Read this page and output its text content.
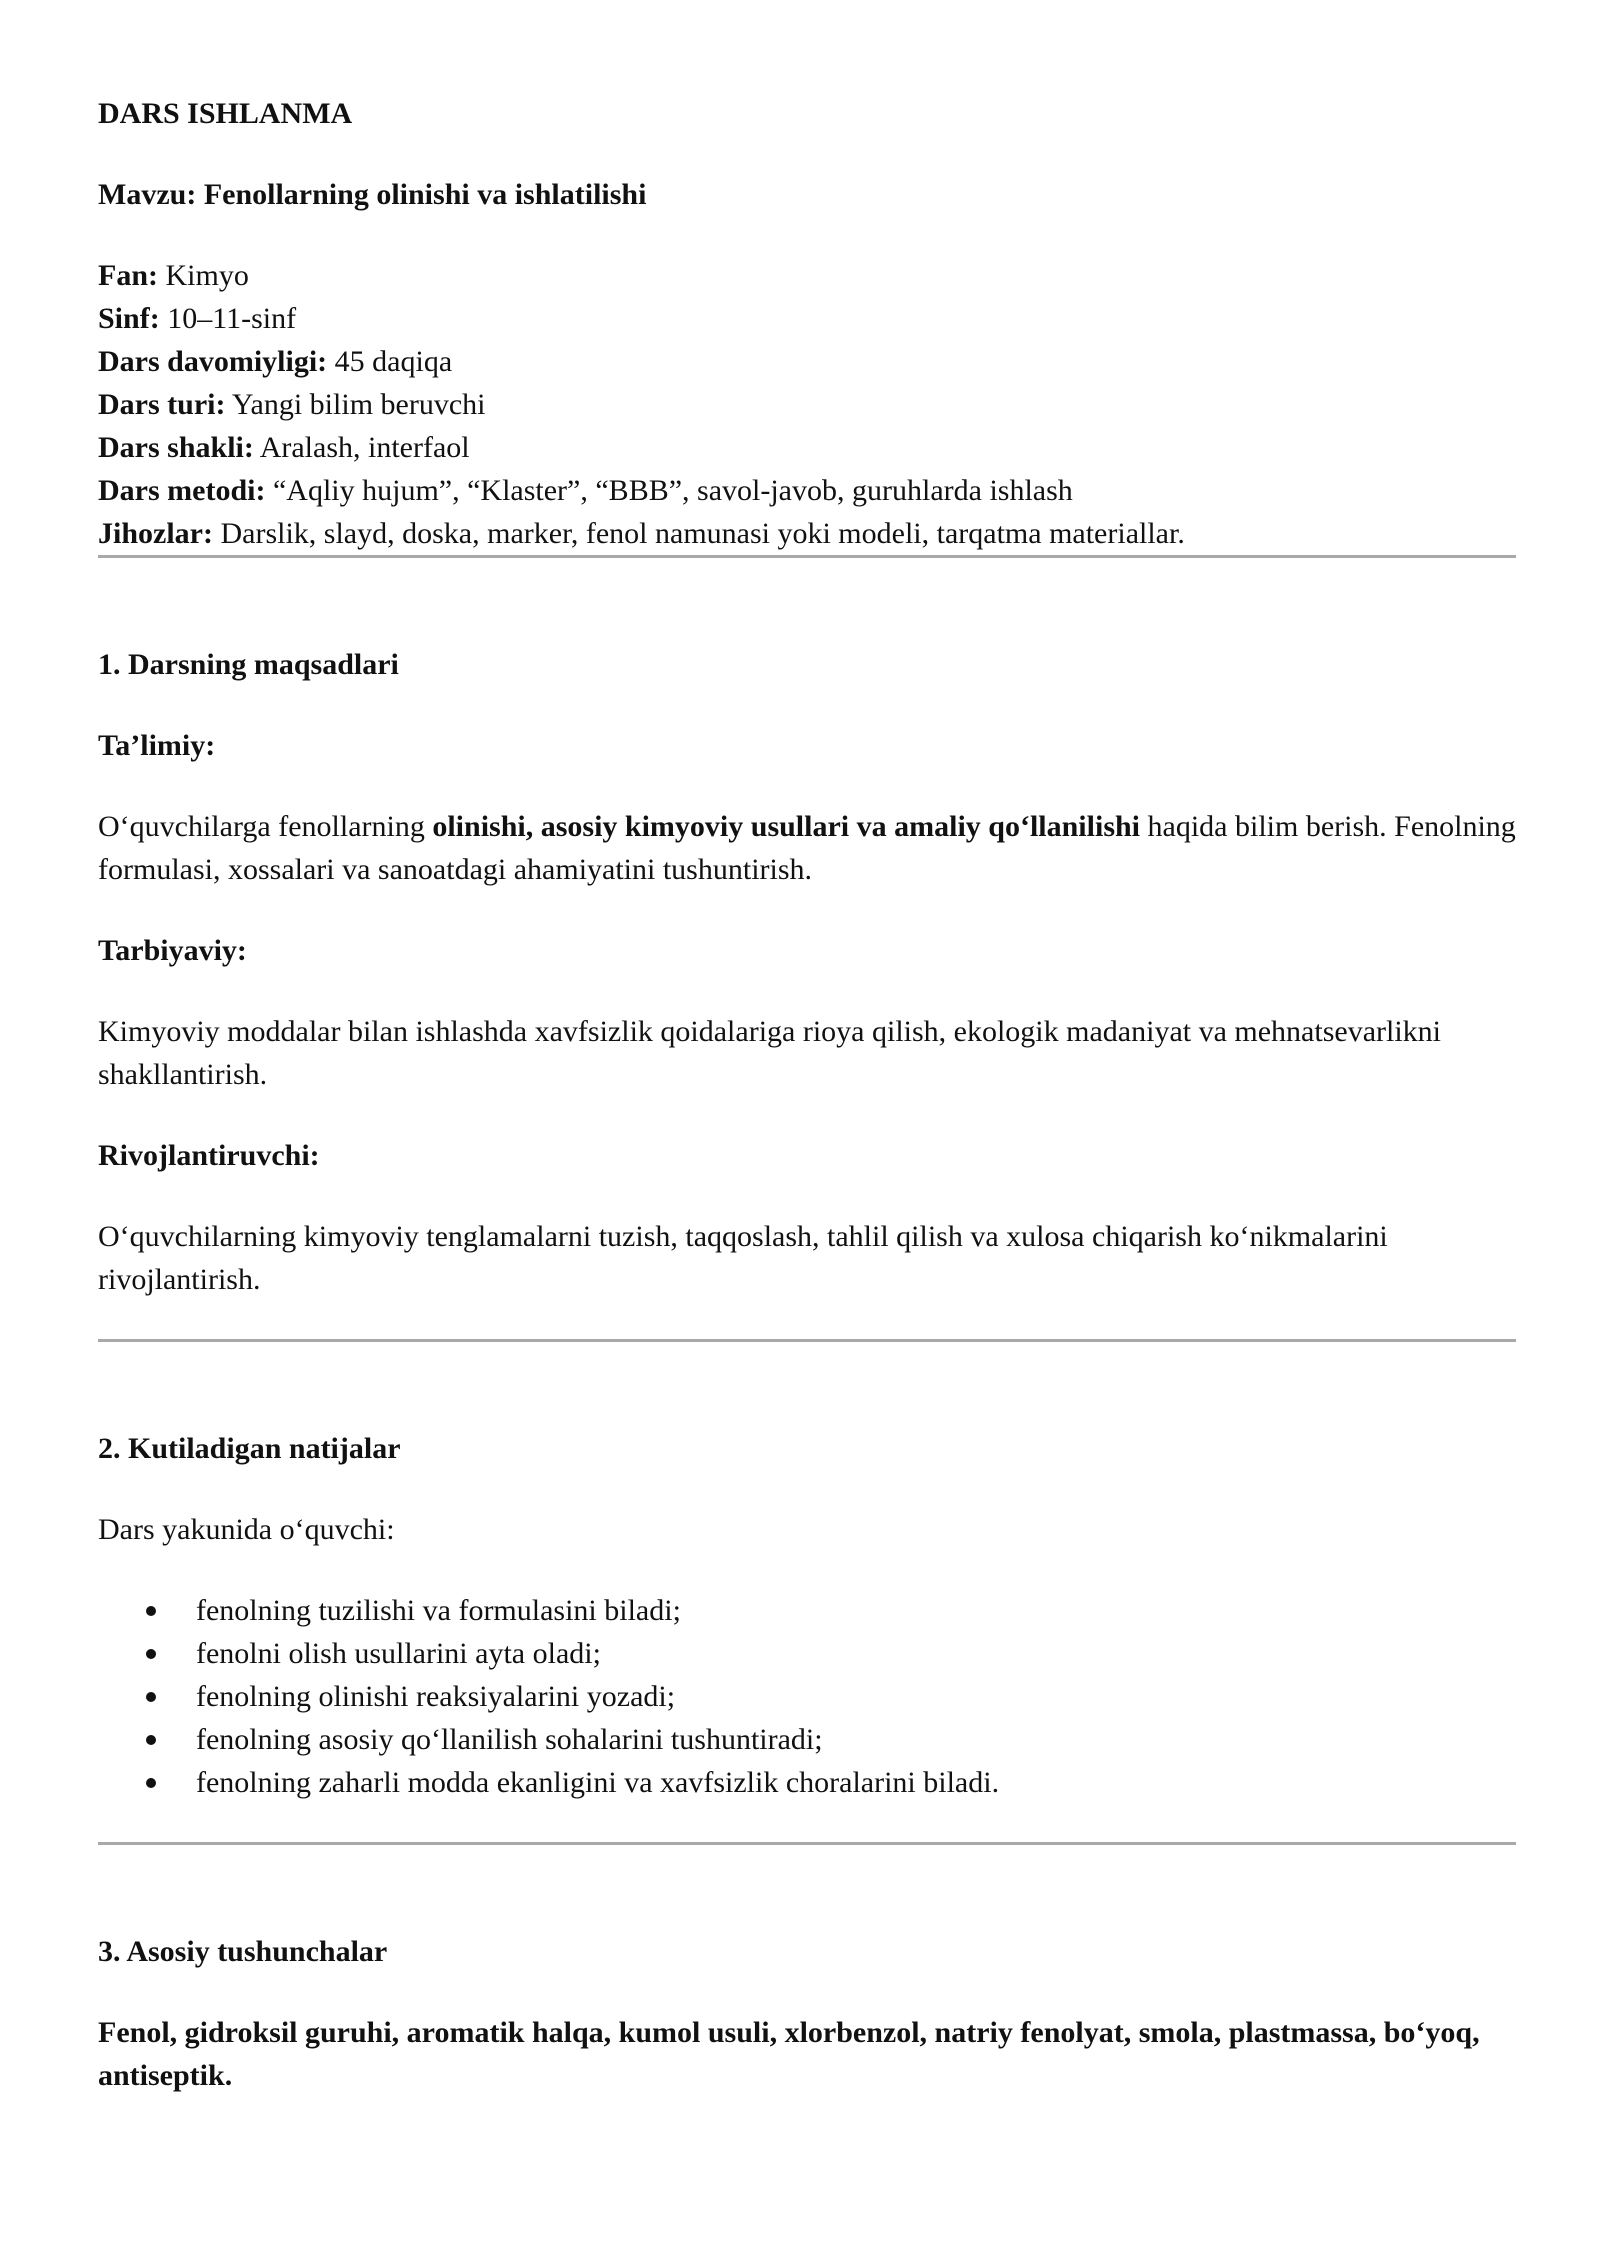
DARS ISHLANMA

Mavzu: Fenollarning olinishi va ishlatilishi

Fan: Kimyo

Sinf: 10–11-sinf

Dars davomiyligi: 45 daqiqa

Dars turi: Yangi bilim beruvchi

Dars shakli: Aralash, interfaol

Dars metodi: “Aqliy hujum”, “Klaster”, “BBB”, savol-javob, guruhlarda ishlash

Jihozlar: Darslik, slayd, doska, marker, fenol namunasi yoki modeli, tarqatma materiallar.

1. Darsning maqsadlari

Ta’limiy:

O‘quvchilarga fenollarning olinishi, asosiy kimyoviy usullari va amaliy qo‘llanilishi haqida bilim berish. Fenolning formulasi, xossalari va sanoatdagi ahamiyatini tushuntirish.

Tarbiyaviy:

Kimyoviy moddalar bilan ishlashda xavfsizlik qoidalariga rioya qilish, ekologik madaniyat va mehnatsevarlikni shakllantirish.

Rivojlantiruvchi:

O‘quvchilarning kimyoviy tenglamalarni tuzish, taqqoslash, tahlil qilish va xulosa chiqarish ko‘nikmalarini rivojlantirish.

2. Kutiladigan natijalar

Dars yakunida o‘quvchi:

fenolning tuzilishi va formulasini biladi;
fenolni olish usullarini ayta oladi;
fenolning olinishi reaksiyalarini yozadi;
fenolning asosiy qo‘llanilish sohalarini tushuntiradi;
fenolning zaharli modda ekanligini va xavfsizlik choralarini biladi.

3. Asosiy tushunchalar

Fenol, gidroksil guruhi, aromatik halqa, kumol usuli, xlorbenzol, natriy fenolyat, smola, plastmassa, bo‘yoq, antiseptik.
